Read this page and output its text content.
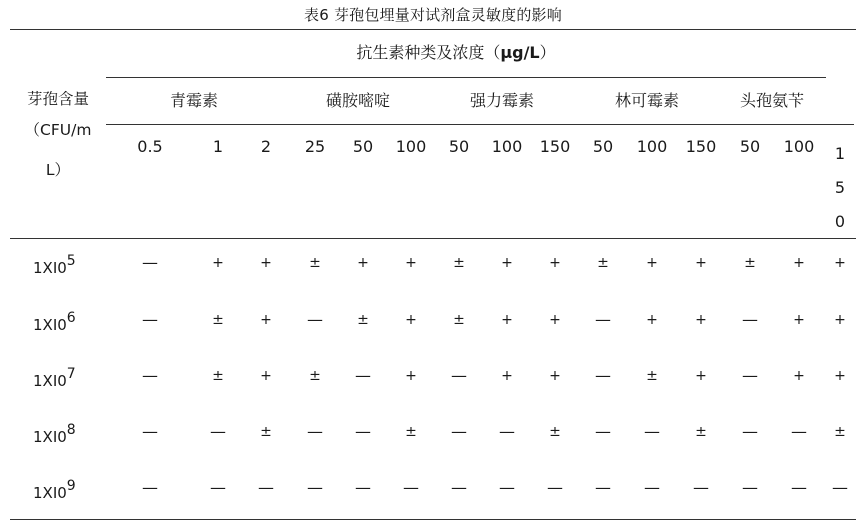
表6 芽孢包埋量对试剂盒灵敏度的影响
抗生素种类及浓度（μg/L）
芽孢含量
（CFU/m
L）
青霉素	磺胺嘧啶	强力霉素	林可霉素	头孢氨苄
0.5	1	2	25	50	100	50	100	150	50	100	150	50	100	150
$1XI0^5$	—	+	+	±	+	+	±	+	+	±	+	+	±	+	+
$1XI0^6$	—	±	+	—	±	+	±	+	+	—	+	+	—	+	+
$1XI0^7$	—	±	+	±	—	+	—	+	+	—	±	+	—	+	+
$1XI0^8$	—	—	±	—	—	±	—	—	±	—	—	±	—	—	±
$1XI0^9$	—	—	—	—	—	—	—	—	—	—	—	—	—	—	—
